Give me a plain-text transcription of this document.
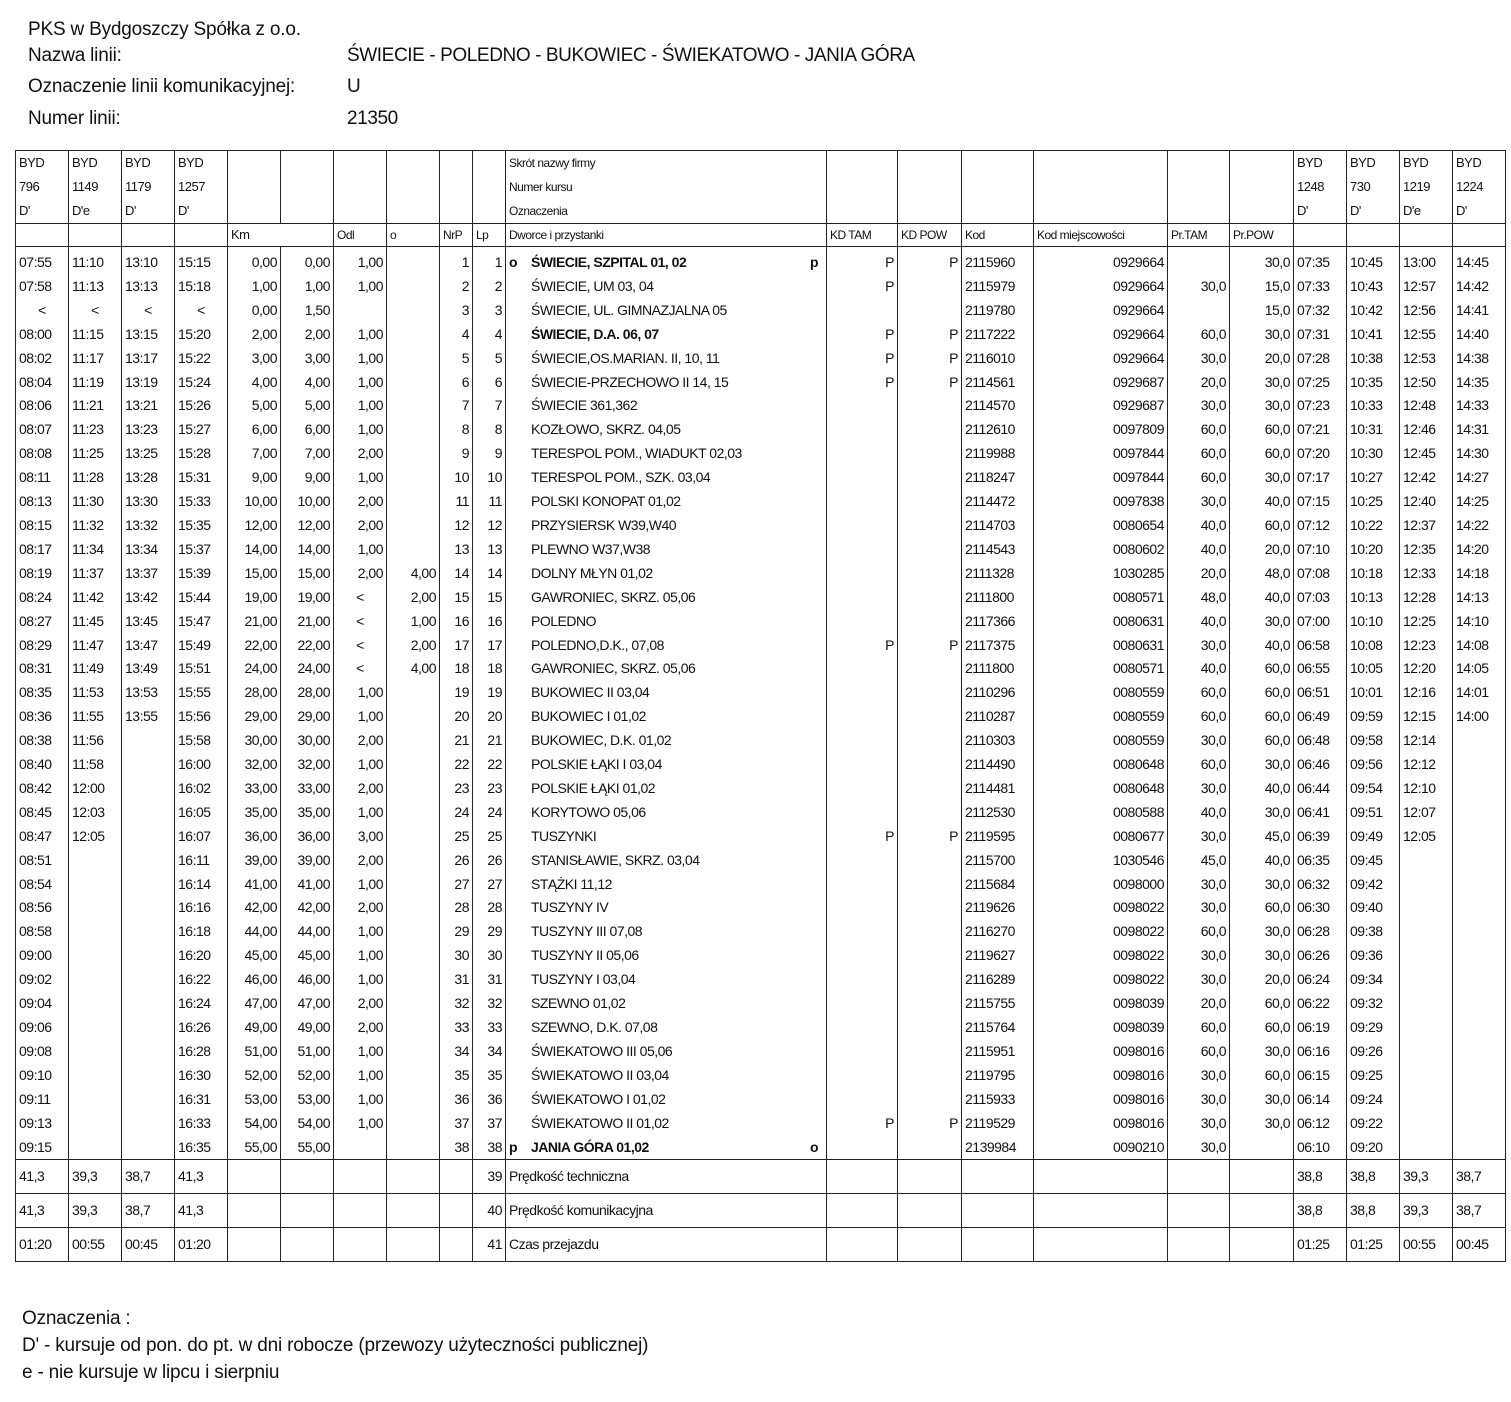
PKS w Bydgoszczy Spółka z o.o.
Nazwa linii:	ŚWIECIE - POLEDNO - BUKOWIEC - ŚWIEKATOWO - JANIA GÓRA
Oznaczenie linii komunikacyjnej:	U
Numer linii:	21350
BYD	BYD	BYD	BYD							Skrót nazwy firmy							BYD	BYD	BYD	BYD
796	1149	1179	1257							Numer kursu							1248	730	1219	1224
D'	D'e	D'	D'							Oznaczenia							D'	D'	D'e	D'
				Km		Odl	o	NrP	Lp	Dworce i przystanki	KD TAM	KD POW	Kod	Kod miejscowości	Pr.TAM	Pr.POW				
07:55	11:10	13:10	15:15	0,00	0,00	1,00		1	1	o ŚWIECIE, SZPITAL 01, 02 p	P	P	2115960	0929664		30,0	07:35	10:45	13:00	14:45
07:58	11:13	13:13	15:18	1,00	1,00	1,00		2	2	ŚWIECIE, UM 03, 04	P		2115979	0929664	30,0	15,0	07:33	10:43	12:57	14:42
<	<	<	<	0,00	1,50			3	3	ŚWIECIE, UL. GIMNAZJALNA 05			2119780	0929664		15,0	07:32	10:42	12:56	14:41
08:00	11:15	13:15	15:20	2,00	2,00	1,00		4	4	ŚWIECIE, D.A. 06, 07	P	P	2117222	0929664	60,0	30,0	07:31	10:41	12:55	14:40
08:02	11:17	13:17	15:22	3,00	3,00	1,00		5	5	ŚWIECIE,OS.MARIAN. II, 10, 11	P	P	2116010	0929664	30,0	20,0	07:28	10:38	12:53	14:38
08:04	11:19	13:19	15:24	4,00	4,00	1,00		6	6	ŚWIECIE-PRZECHOWO II 14, 15	P	P	2114561	0929687	20,0	30,0	07:25	10:35	12:50	14:35
08:06	11:21	13:21	15:26	5,00	5,00	1,00		7	7	ŚWIECIE 361,362			2114570	0929687	30,0	30,0	07:23	10:33	12:48	14:33
08:07	11:23	13:23	15:27	6,00	6,00	1,00		8	8	KOZŁOWO, SKRZ. 04,05			2112610	0097809	60,0	60,0	07:21	10:31	12:46	14:31
08:08	11:25	13:25	15:28	7,00	7,00	2,00		9	9	TERESPOL POM., WIADUKT 02,03			2119988	0097844	60,0	60,0	07:20	10:30	12:45	14:30
08:11	11:28	13:28	15:31	9,00	9,00	1,00		10	10	TERESPOL POM., SZK. 03,04			2118247	0097844	60,0	30,0	07:17	10:27	12:42	14:27
08:13	11:30	13:30	15:33	10,00	10,00	2,00		11	11	POLSKI KONOPAT 01,02			2114472	0097838	30,0	40,0	07:15	10:25	12:40	14:25
08:15	11:32	13:32	15:35	12,00	12,00	2,00		12	12	PRZYSIERSK W39,W40			2114703	0080654	40,0	60,0	07:12	10:22	12:37	14:22
08:17	11:34	13:34	15:37	14,00	14,00	1,00		13	13	PLEWNO W37,W38			2114543	0080602	40,0	20,0	07:10	10:20	12:35	14:20
08:19	11:37	13:37	15:39	15,00	15,00	2,00	4,00	14	14	DOLNY MŁYN 01,02			2111328	1030285	20,0	48,0	07:08	10:18	12:33	14:18
08:24	11:42	13:42	15:44	19,00	19,00	<	2,00	15	15	GAWRONIEC, SKRZ. 05,06			2111800	0080571	48,0	40,0	07:03	10:13	12:28	14:13
08:27	11:45	13:45	15:47	21,00	21,00	<	1,00	16	16	POLEDNO			2117366	0080631	40,0	30,0	07:00	10:10	12:25	14:10
08:29	11:47	13:47	15:49	22,00	22,00	<	2,00	17	17	POLEDNO,D.K., 07,08	P	P	2117375	0080631	30,0	40,0	06:58	10:08	12:23	14:08
08:31	11:49	13:49	15:51	24,00	24,00	<	4,00	18	18	GAWRONIEC, SKRZ. 05,06			2111800	0080571	40,0	60,0	06:55	10:05	12:20	14:05
08:35	11:53	13:53	15:55	28,00	28,00	1,00		19	19	BUKOWIEC II 03,04			2110296	0080559	60,0	60,0	06:51	10:01	12:16	14:01
08:36	11:55	13:55	15:56	29,00	29,00	1,00		20	20	BUKOWIEC I 01,02			2110287	0080559	60,0	60,0	06:49	09:59	12:15	14:00
08:38	11:56		15:58	30,00	30,00	2,00		21	21	BUKOWIEC, D.K. 01,02			2110303	0080559	30,0	60,0	06:48	09:58	12:14	
08:40	11:58		16:00	32,00	32,00	1,00		22	22	POLSKIE ŁĄKI I 03,04			2114490	0080648	60,0	30,0	06:46	09:56	12:12	
08:42	12:00		16:02	33,00	33,00	2,00		23	23	POLSKIE ŁĄKI 01,02			2114481	0080648	30,0	40,0	06:44	09:54	12:10	
08:45	12:03		16:05	35,00	35,00	1,00		24	24	KORYTOWO 05,06			2112530	0080588	40,0	30,0	06:41	09:51	12:07	
08:47	12:05		16:07	36,00	36,00	3,00		25	25	TUSZYNKI	P	P	2119595	0080677	30,0	45,0	06:39	09:49	12:05	
08:51			16:11	39,00	39,00	2,00		26	26	STANISŁAWIE, SKRZ. 03,04			2115700	1030546	45,0	40,0	06:35	09:45		
08:54			16:14	41,00	41,00	1,00		27	27	STĄŻKI 11,12			2115684	0098000	30,0	30,0	06:32	09:42		
08:56			16:16	42,00	42,00	2,00		28	28	TUSZYNY IV			2119626	0098022	30,0	60,0	06:30	09:40		
08:58			16:18	44,00	44,00	1,00		29	29	TUSZYNY III 07,08			2116270	0098022	60,0	30,0	06:28	09:38		
09:00			16:20	45,00	45,00	1,00		30	30	TUSZYNY II 05,06			2119627	0098022	30,0	30,0	06:26	09:36		
09:02			16:22	46,00	46,00	1,00		31	31	TUSZYNY I 03,04			2116289	0098022	30,0	20,0	06:24	09:34		
09:04			16:24	47,00	47,00	2,00		32	32	SZEWNO 01,02			2115755	0098039	20,0	60,0	06:22	09:32		
09:06			16:26	49,00	49,00	2,00		33	33	SZEWNO, D.K. 07,08			2115764	0098039	60,0	60,0	06:19	09:29		
09:08			16:28	51,00	51,00	1,00		34	34	ŚWIEKATOWO III 05,06			2115951	0098016	60,0	30,0	06:16	09:26		
09:10			16:30	52,00	52,00	1,00		35	35	ŚWIEKATOWO II 03,04			2119795	0098016	30,0	60,0	06:15	09:25		
09:11			16:31	53,00	53,00	1,00		36	36	ŚWIEKATOWO I 01,02			2115933	0098016	30,0	30,0	06:14	09:24		
09:13			16:33	54,00	54,00	1,00		37	37	ŚWIEKATOWO II 01,02	P	P	2119529	0098016	30,0	30,0	06:12	09:22		
09:15			16:35	55,00	55,00			38	38	p JANIA GÓRA 01,02 o			2139984	0090210	30,0		06:10	09:20		
41,3	39,3	38,7	41,3						39	Prędkość techniczna							38,8	38,8	39,3	38,7
41,3	39,3	38,7	41,3						40	Prędkość komunikacyjna							38,8	38,8	39,3	38,7
01:20	00:55	00:45	01:20						41	Czas przejazdu							01:25	01:25	00:55	00:45
Oznaczenia :
D' - kursuje od pon. do pt. w dni robocze (przewozy użyteczności publicznej)
e - nie kursuje w lipcu i sierpniu
